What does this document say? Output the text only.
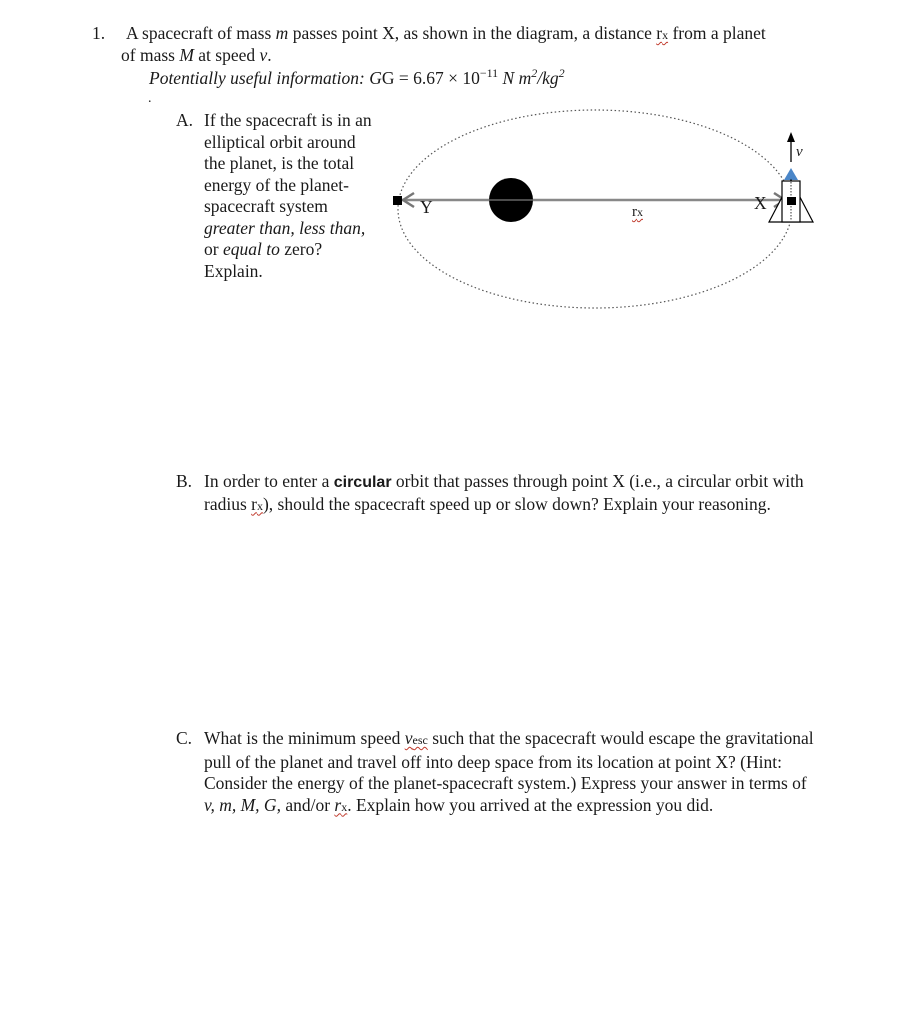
1. A spacecraft of mass m passes point X, as shown in the diagram, a distance rx from a planet
of mass M at speed v.
Potentially useful information: GG = $6.67 \times 10^{-11}$ N $m^2/kg^2$
.
Y	X
rx
v
A. If the spacecraft is in an elliptical orbit around the planet, is the total energy of the planet-spacecraft system greater than, less than, or equal to zero? Explain.
B. In order to enter a circular orbit that passes through point X (i.e., a circular orbit with radius rx), should the spacecraft speed up or slow down? Explain your reasoning.
C. What is the minimum speed vesc such that the spacecraft would escape the gravitational pull of the planet and travel off into deep space from its location at point X? (Hint: Consider the energy of the planet-spacecraft system.) Express your answer in terms of v, m, M, G, and/or rx. Explain how you arrived at the expression you did.
